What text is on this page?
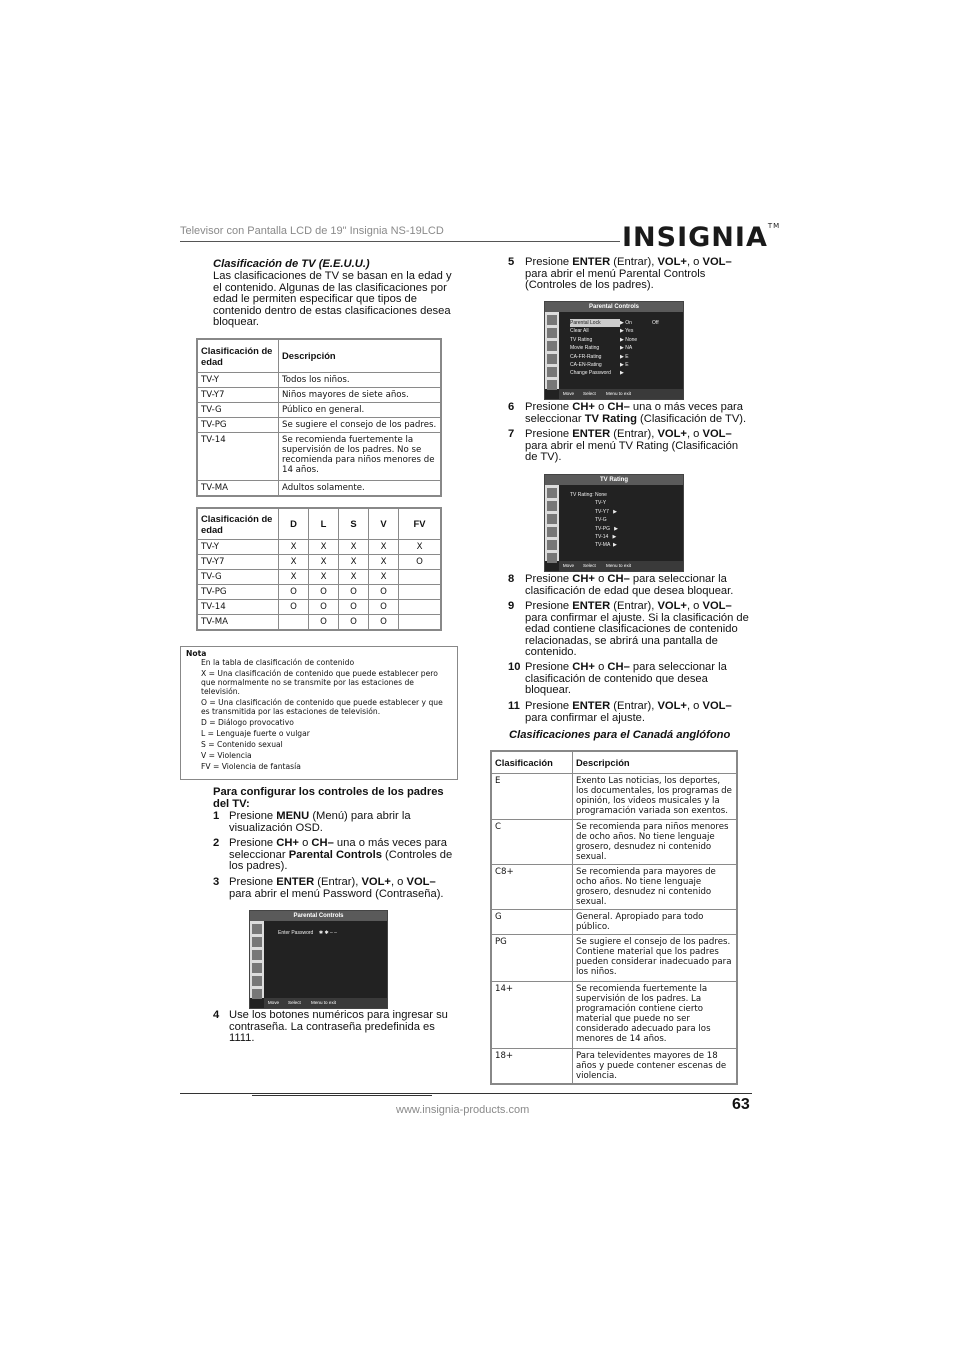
Televisor con Pantalla LCD de 19" Insignia NS-19LCD	INSIGNIA™
Clasificación de TV (E.E.U.U.)
Las clasificaciones de TV se basan en la edad y el contenido. Algunas de las clasificaciones por edad le permiten especificar que tipos de contenido dentro de estas clasificaciones desea bloquear.
Clasificación de edad	Descripción
TV-Y	Todos los niños.
TV-Y7	Niños mayores de siete años.
TV-G	Público en general.
TV-PG	Se sugiere el consejo de los padres.
TV-14	Se recomienda fuertemente la supervisión de los padres. No se recomienda para niños menores de 14 años.
TV-MA	Adultos solamente.
Clasificación de edad	D	L	S	V	FV
TV-Y	X	X	X	X	X
TV-Y7	X	X	X	X	O
TV-G	X	X	X	X	
TV-PG	O	O	O	O	
TV-14	O	O	O	O	
TV-MA		O	O	O	
Nota
En la tabla de clasificación de contenido
X = Una clasificación de contenido que puede establecer pero que normalmente no se transmite por las estaciones de televisión.
O = Una clasificación de contenido que puede establecer y que es transmitida por las estaciones de televisión.
D = Diálogo provocativo
L = Lenguaje fuerte o vulgar
S = Contenido sexual
V = Violencia
FV = Violencia de fantasía
Para configurar los controles de los padres del TV:
1 Presione MENU (Menú) para abrir la visualización OSD.
2 Presione CH+ o CH– una o más veces para seleccionar Parental Controls (Controles de los padres).
3 Presione ENTER (Entrar), VOL+, o VOL– para abrir el menú Password (Contraseña).
Parental Controls
Enter Password ✱ ✱ – –
Move Select Menu to exit
4 Use los botones numéricos para ingresar su contraseña. La contraseña predefinida es 1111.
5 Presione ENTER (Entrar), VOL+, o VOL– para abrir el menú Parental Controls (Controles de los padres).
Parental Controls
Parental Lock	▶ On	Off
Clear All	▶ Yes
TV Rating	▶ None
Movie Rating	▶ NA
CA-FR-Rating	▶ E
CA-EN-Rating	▶ E
Change Password	▶
Move Select Menu to exit
6 Presione CH+ o CH– una o más veces para seleccionar TV Rating (Clasificación de TV).
7 Presione ENTER (Entrar), VOL+, o VOL– para abrir el menú TV Rating (Clasificación de TV).
TV Rating
TV Rating: None
TV-Y
TV-Y7   ▶
TV-G
TV-PG   ▶
TV-14   ▶
TV-MA  ▶
Move Select Menu to exit
8 Presione CH+ o CH– para seleccionar la clasificación de edad que desea bloquear.
9 Presione ENTER (Entrar), VOL+, o VOL– para confirmar el ajuste. Si la clasificación de edad contiene clasificaciones de contenido relacionadas, se abrirá una pantalla de contenido.
10 Presione CH+ o CH– para seleccionar la clasificación de contenido que desea bloquear.
11 Presione ENTER (Entrar), VOL+, o VOL– para confirmar el ajuste.
Clasificaciones para el Canadá anglófono
Clasificación	Descripción
E	Exento Las noticias, los deportes, los documentales, los programas de opinión, los videos musicales y la programación variada son exentos.
C	Se recomienda para niños menores de ocho años. No tiene lenguaje grosero, desnudez ni contenido sexual.
C8+	Se recomienda para mayores de ocho años. No tiene lenguaje grosero, desnudez ni contenido sexual.
G	General. Apropiado para todo público.
PG	Se sugiere el consejo de los padres. Contiene material que los padres pueden considerar inadecuado para los niños.
14+	Se recomienda fuertemente la supervisión de los padres. La programación contiene cierto material que puede no ser considerado adecuado para los menores de 14 años.
18+	Para televidentes mayores de 18 años y puede contener escenas de violencia.
www.insignia-products.com	63
